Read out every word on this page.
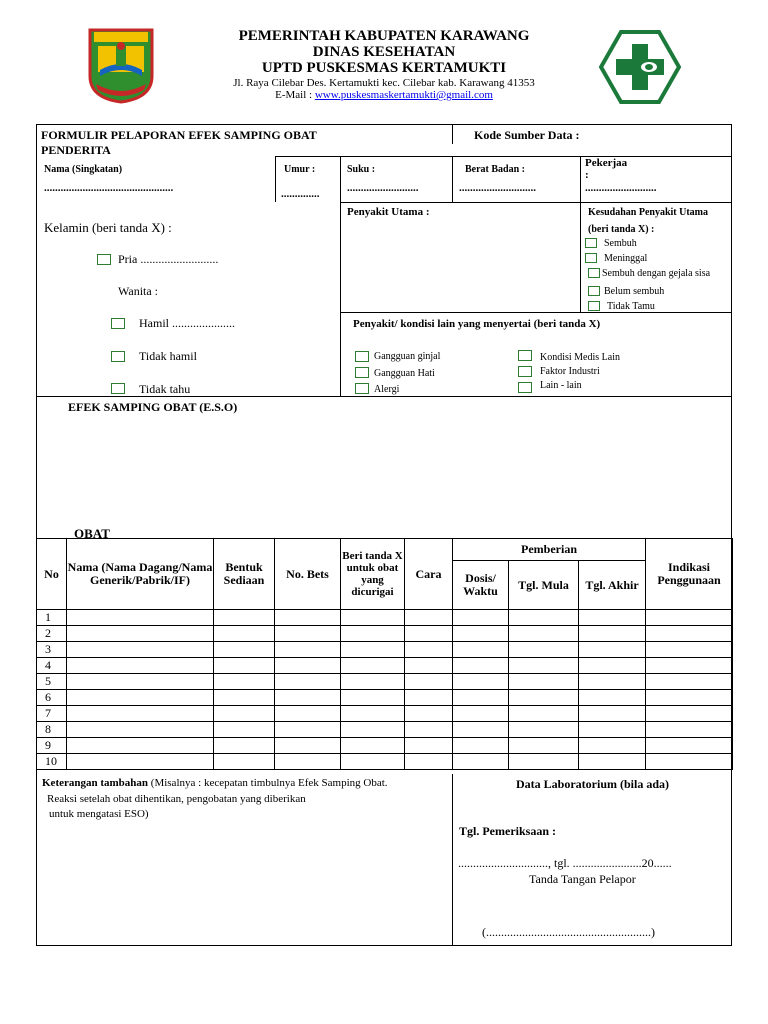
PEMERINTAH KABUPATEN KARAWANG
DINAS KESEHATAN
UPTD PUSKESMAS KERTAMUKTI
Jl. Raya Cilebar Des. Kertamukti kec. Cilebar kab. Karawang 41353
E-Mail : www.puskesmaskertamukti@gmail.com
FORMULIR PELAPORAN EFEK SAMPING OBAT	Kode Sumber Data :
PENDERITA
Nama (Singkatan)
...............................................
Umur :
..............
Suku :
..........................
Berat Badan :
............................
Pekerjaa
:
..........................
Kelamin (beri tanda X) :
Pria ..........................
Wanita :
Hamil .....................
Tidak hamil
Tidak tahu
Penyakit Utama :	Kesudahan Penyakit Utama
(beri tanda X) :
Sembuh
Meninggal
Sembuh dengan gejala sisa
Belum sembuh
Tidak Tamu
Penyakit/ kondisi lain yang menyertai (beri tanda X)
Gangguan ginjal
Gangguan Hati
Alergi
Kondisi Medis Lain
Faktor Industri
Lain - lain
EFEK SAMPING OBAT (E.S.O)
OBAT
No	Nama (Nama Dagang/Nama Generik/Pabrik/IF)	Bentuk Sediaan	No. Bets	Beri tanda X untuk obat yang dicurigai	Cara	Pemberian			Indikasi Penggunaan
						Dosis/ Waktu	Tgl. Mula	Tgl. Akhir	
1									
2									
3									
4									
5									
6									
7									
8									
9									
10									
Keterangan tambahan (Misalnya : kecepatan timbulnya Efek Samping Obat.
Reaksi setelah obat dihentikan, pengobatan yang diberikan
untuk mengatasi ESO)
Data Laboratorium (bila ada)
Tgl. Pemeriksaan :
.............................., tgl. .......................20......
Tanda Tangan Pelapor
(.......................................................)
